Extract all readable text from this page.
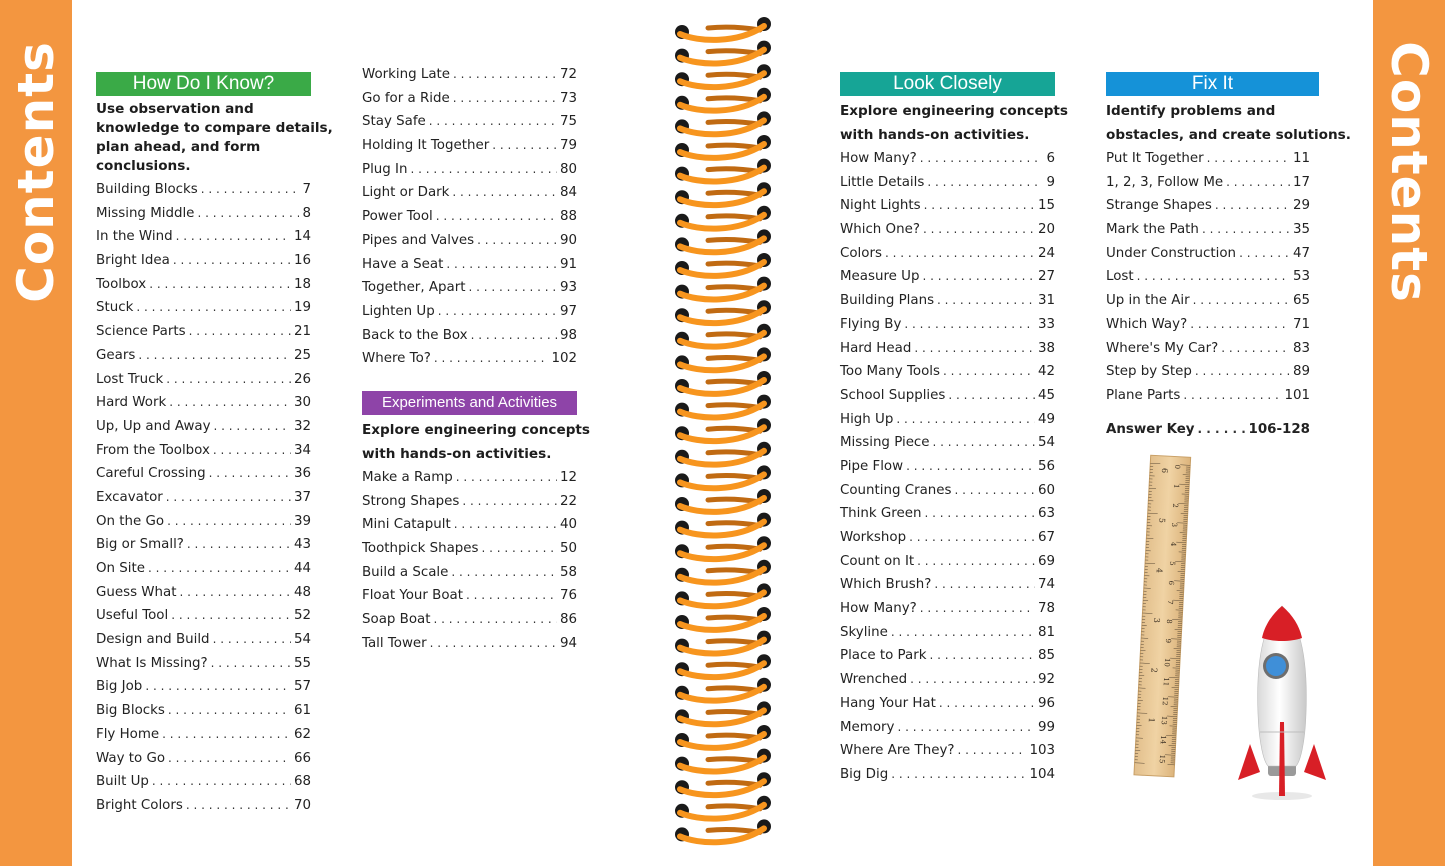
Contents	How Do I Know?

Use observation and knowledge to compare details, plan ahead, and form conclusions.

Building Blocks . . .	7
Missing Middle . . .	8
In the Wind . . .	14
Bright Idea . . .	16
Toolbox . . .	18
Stuck . . .	19
Science Parts . . .	21
Gears . . .	25
Lost Truck . . .	26
Hard Work . . .	30
Up, Up and Away . . .	32
From the Toolbox . . .	34
Careful Crossing . . .	36
Excavator . . .	37
On the Go . . .	39
Big or Small? . . .	43
On Site . . .	44
Guess What . . .	48
Useful Tool . . .	52
Design and Build . . .	54
What Is Missing? . . .	55
Big Job . . .	57
Big Blocks . . .	61
Fly Home . . .	62
Way to Go . . .	66
Built Up . . .	68
Bright Colors . . .	70
Working Late . . .	72
Go for a Ride . . .	73
Stay Safe . . .	75
Holding It Together . . .	79
Plug In . . .	80
Light or Dark . . .	84
Power Tool . . .	88
Pipes and Valves . . .	90
Have a Seat . . .	91
Together, Apart . . .	93
Lighten Up . . .	97
Back to the Box . . .	98
Where To? . . .	102
Experiments and Activities

Explore engineering concepts with hands-on activities.

Make a Ramp . . .	12
Strong Shapes . . .	22
Mini Catapult . . .	40
Toothpick Shapes . . .	50
Build a Scale . . .	58
Float Your Boat . . .	76
Soap Boat . . .	86
Tall Tower . . .	94
Look Closely

Explore engineering concepts with hands-on activities.

How Many? . . .	6
Little Details . . .	9
Night Lights . . .	15
Which One? . . .	20
Colors . . .	24
Measure Up . . .	27
Building Plans . . .	31
Flying By . . .	33
Hard Head . . .	38
Too Many Tools . . .	42
School Supplies . . .	45
High Up . . .	49
Missing Piece . . .	54
Pipe Flow . . .	56
Counting Cranes . . .	60
Think Green . . .	63
Workshop . . .	67
Count on It . . .	69
Which Brush? . . .	74
How Many? . . .	78
Skyline . . .	81
Place to Park . . .	85
Wrenched . . .	92
Hang Your Hat . . .	96
Memory . . .	99
Where Are They? . . .	103
Big Dig . . .	104
Fix It

Identify problems and obstacles, and create solutions.

Put It Together . . .	11
1, 2, 3, Follow Me . . .	17
Strange Shapes . . .	29
Mark the Path . . .	35
Under Construction . . .	47
Lost . . .	53
Up in the Air . . .	65
Which Way? . . .	71
Where's My Car? . . .	83
Step by Step . . .	89
Plane Parts . . .	101
Answer Key . . .	106-128
0
1
2
3
4
5
6
7
8
9
10
11
12
13
14
15
6
5
4
3
2
1
Contents
